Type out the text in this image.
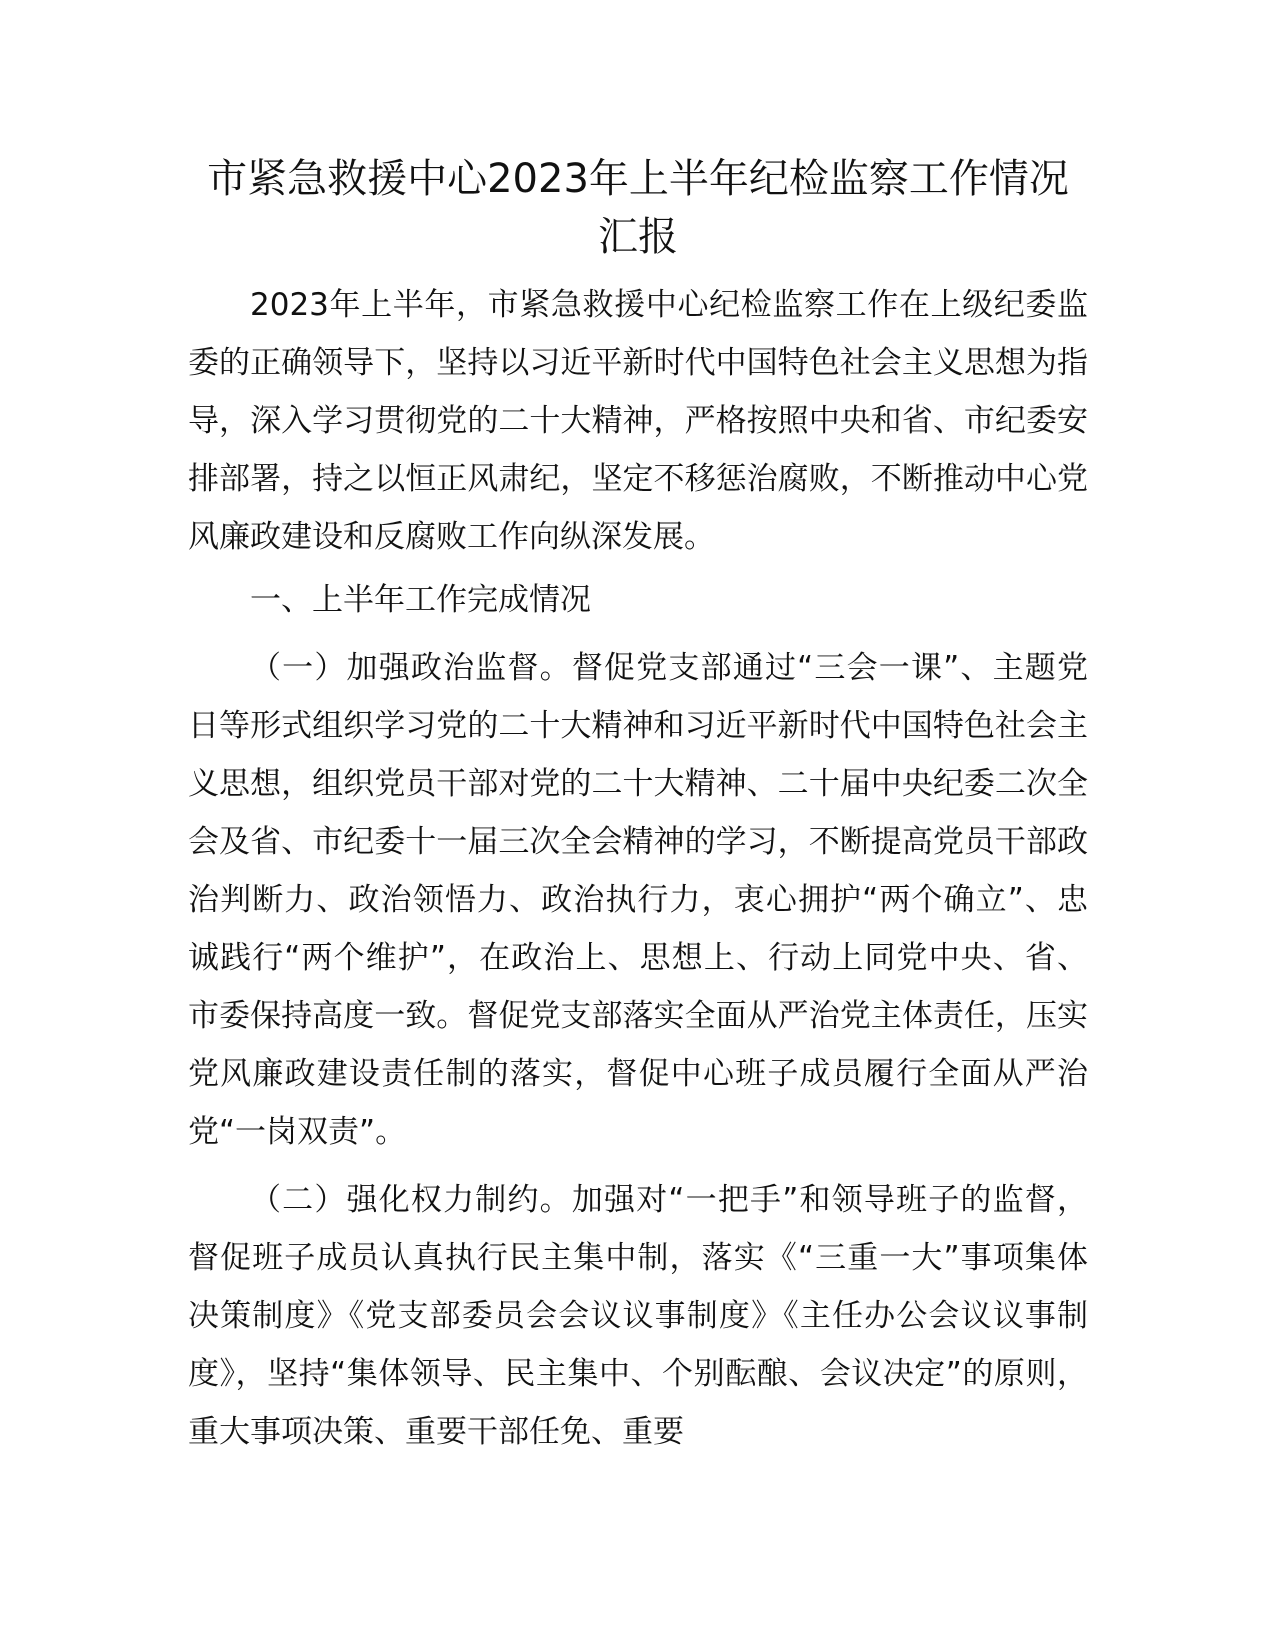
市紧急救援中心2023年上半年纪检监察工作情况汇报

2023年上半年，市紧急救援中心纪检监察工作在上级纪委监委的正确领导下，坚持以习近平新时代中国特色社会主义思想为指导，深入学习贯彻党的二十大精神，严格按照中央和省、市纪委安排部署，持之以恒正风肃纪，坚定不移惩治腐败，不断推动中心党风廉政建设和反腐败工作向纵深发展。

一、上半年工作完成情况

（一）加强政治监督。督促党支部通过“三会一课”、主题党日等形式组织学习党的二十大精神和习近平新时代中国特色社会主义思想，组织党员干部对党的二十大精神、二十届中央纪委二次全会及省、市纪委十一届三次全会精神的学习，不断提高党员干部政治判断力、政治领悟力、政治执行力，衷心拥护“两个确立”、忠诚践行“两个维护”，在政治上、思想上、行动上同党中央、省、市委保持高度一致。督促党支部落实全面从严治党主体责任，压实党风廉政建设责任制的落实，督促中心班子成员履行全面从严治党“一岗双责”。

（二）强化权力制约。加强对“一把手”和领导班子的监督，督促班子成员认真执行民主集中制，落实《“三重一大”事项集体决策制度》《党支部委员会会议议事制度》《主任办公会议议事制度》，坚持“集体领导、民主集中、个别酝酿、会议决定”的原则，重大事项决策、重要干部任免、重要
